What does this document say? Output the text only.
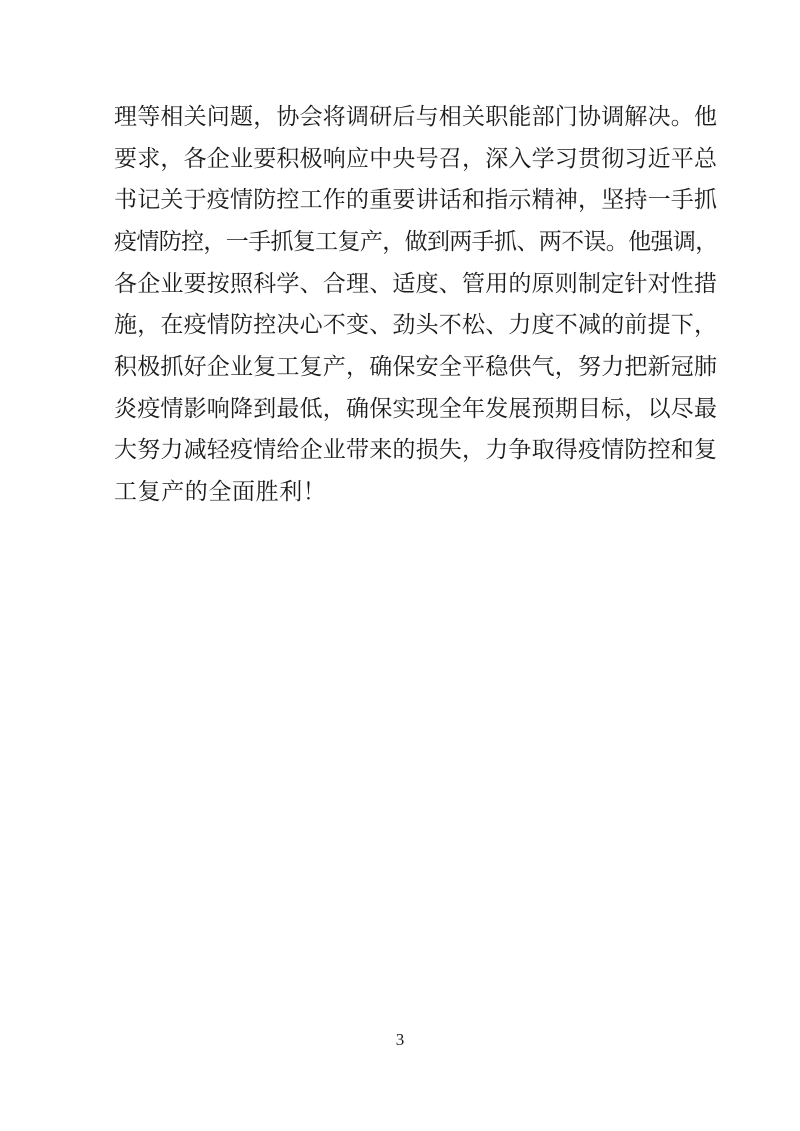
理等相关问题，协会将调研后与相关职能部门协调解决。他
要求，各企业要积极响应中央号召，深入学习贯彻习近平总
书记关于疫情防控工作的重要讲话和指示精神，坚持一手抓
疫情防控，一手抓复工复产，做到两手抓、两不误。他强调，
各企业要按照科学、合理、适度、管用的原则制定针对性措
施，在疫情防控决心不变、劲头不松、力度不减的前提下，
积极抓好企业复工复产，确保安全平稳供气，努力把新冠肺
炎疫情影响降到最低，确保实现全年发展预期目标，以尽最
大努力减轻疫情给企业带来的损失，力争取得疫情防控和复
工复产的全面胜利！
3
